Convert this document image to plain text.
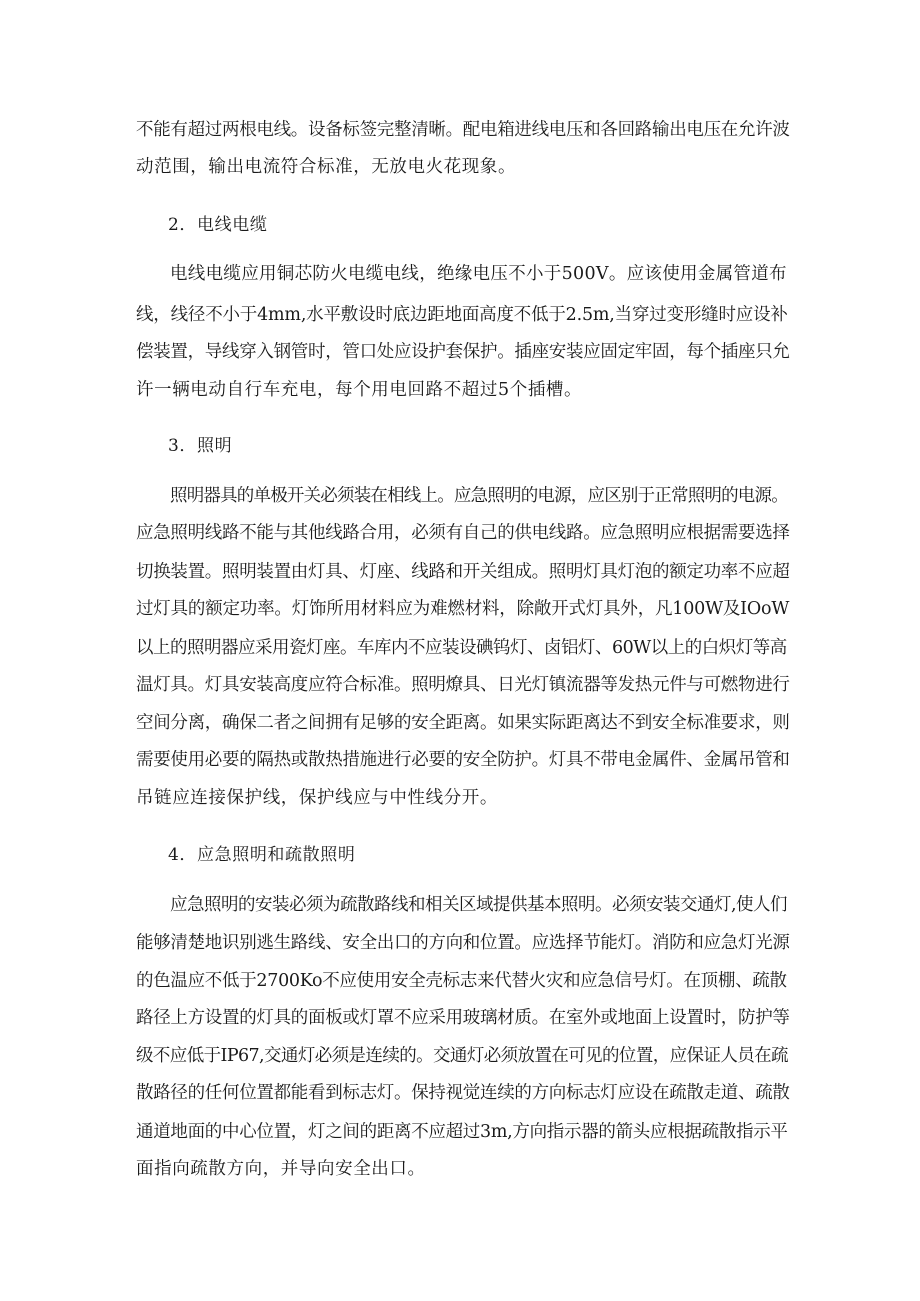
不能有超过两根电线。设备标签完整清晰。配电箱进线电压和各回路输出电压在允许波

动范围，输出电流符合标准，无放电火花现象。

2．电线电缆

电线电缆应用铜芯防火电缆电线，绝缘电压不小于500V。应该使用金属管道布

线，线径不小于4mm,水平敷设时底边距地面高度不低于2.5m,当穿过变形缝时应设补

偿装置，导线穿入钢管时，管口处应设护套保护。插座安装应固定牢固，每个插座只允

许一辆电动自行车充电，每个用电回路不超过5个插槽。

3．照明

照明器具的单极开关必须装在相线上。应急照明的电源，应区别于正常照明的电源。

应急照明线路不能与其他线路合用，必须有自己的供电线路。应急照明应根据需要选择

切换装置。照明装置由灯具、灯座、线路和开关组成。照明灯具灯泡的额定功率不应超

过灯具的额定功率。灯饰所用材料应为难燃材料，除敞开式灯具外，凡100W及IOoW

以上的照明器应采用瓷灯座。车库内不应装设碘钨灯、卤铝灯、60W以上的白炽灯等高

温灯具。灯具安装高度应符合标准。照明燎具、日光灯镇流器等发热元件与可燃物进行

空间分离，确保二者之间拥有足够的安全距离。如果实际距离达不到安全标准要求，则

需要使用必要的隔热或散热措施进行必要的安全防护。灯具不带电金属件、金属吊管和

吊链应连接保护线，保护线应与中性线分开。

4．应急照明和疏散照明

应急照明的安装必须为疏散路线和相关区域提供基本照明。必须安装交通灯,使人们

能够清楚地识别逃生路线、安全出口的方向和位置。应选择节能灯。消防和应急灯光源

的色温应不低于2700Ko不应使用安全壳标志来代替火灾和应急信号灯。在顶棚、疏散

路径上方设置的灯具的面板或灯罩不应采用玻璃材质。在室外或地面上设置时，防护等

级不应低于IP67,交通灯必须是连续的。交通灯必须放置在可见的位置，应保证人员在疏

散路径的任何位置都能看到标志灯。保持视觉连续的方向标志灯应设在疏散走道、疏散

通道地面的中心位置，灯之间的距离不应超过3m,方向指示器的箭头应根据疏散指示平

面指向疏散方向，并导向安全出口。
